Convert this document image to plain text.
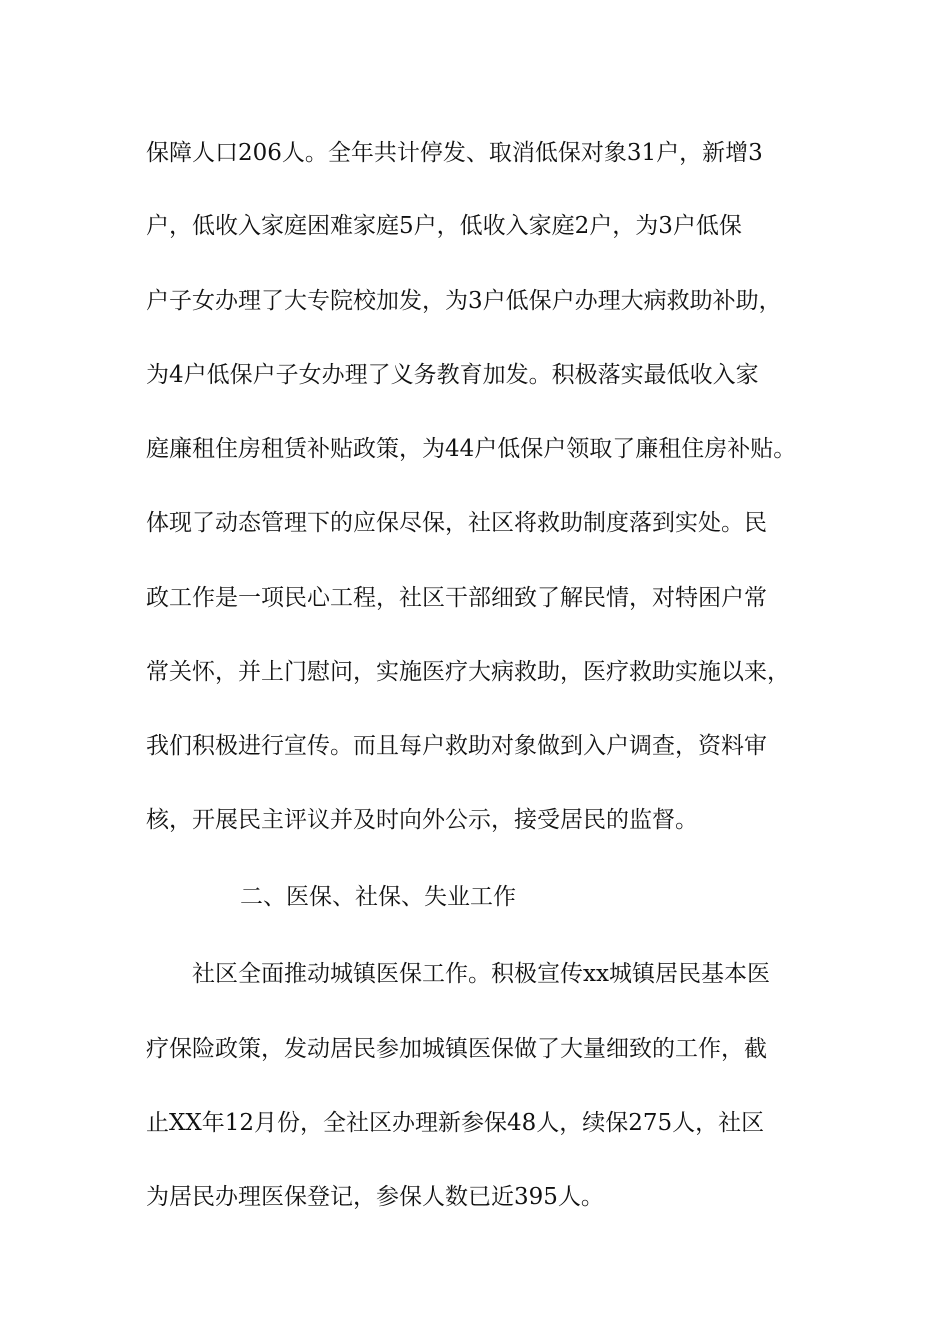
保障人口206人。全年共计停发、取消低保对象31户，新增3
户，低收入家庭困难家庭5户，低收入家庭2户，为3户低保
户子女办理了大专院校加发，为3户低保户办理大病救助补助，
为4户低保户子女办理了义务教育加发。积极落实最低收入家
庭廉租住房租赁补贴政策，为44户低保户领取了廉租住房补贴。
体现了动态管理下的应保尽保，社区将救助制度落到实处。民
政工作是一项民心工程，社区干部细致了解民情，对特困户常
常关怀，并上门慰问，实施医疗大病救助，医疗救助实施以来，
我们积极进行宣传。而且每户救助对象做到入户调查，资料审
核，开展民主评议并及时向外公示，接受居民的监督。
二、医保、社保、失业工作
社区全面推动城镇医保工作。积极宣传xx城镇居民基本医
疗保险政策，发动居民参加城镇医保做了大量细致的工作，截
止XX年12月份，全社区办理新参保48人，续保275人，社区
为居民办理医保登记，参保人数已近395人。
